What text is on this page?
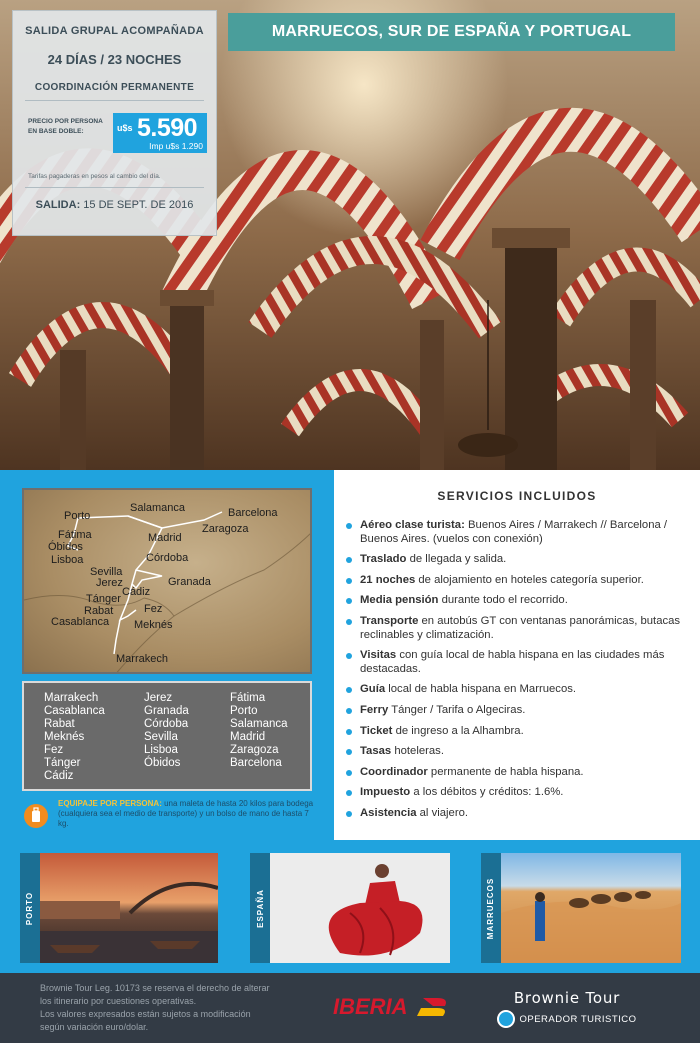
SALIDA GRUPAL ACOMPAÑADA
24 DÍAS / 23 NOCHES
COORDINACIÓN PERMANENTE
PRECIO POR PERSONA
EN BASE DOBLE:	u$s 5.590
Imp u$s 1.290
Tarifas pagaderas en pesos al cambio del día.
SALIDA: 15 DE SEPT. DE 2016
MARRUECOS, SUR DE ESPAÑA Y PORTUGAL
Porto
Salamanca	Barcelona
Fátima	Madrid
Zaragoza
Óbidos
Lisboa	Córdoba
Sevilla
Jerez	Granada
Cádiz
Tánger
Rabat	Fez
Casablanca Meknés
Marrakech
Marrakech
Casablanca
Rabat
Meknés
Fez
Tánger
Cádiz
Jerez
Granada
Córdoba
Sevilla
Lisboa
Óbidos
Fátima
Porto
Salamanca
Madrid
Zaragoza
Barcelona
EQUIPAJE POR PERSONA: una maleta de hasta 20 kilos para bodega (cualquiera sea el medio de transporte) y un bolso de mano de hasta 7 kg.
SERVICIOS INCLUIDOS
Aéreo clase turista: Buenos Aires / Marrakech // Barcelona / Buenos Aires. (vuelos con conexión)
Traslado de llegada y salida.
21 noches de alojamiento en hoteles categoría superior.
Media pensión durante todo el recorrido.
Transporte en autobús GT con ventanas panorámicas, butacas reclinables y climatización.
Visitas con guía local de habla hispana en las ciudades más destacadas.
Guía local de habla hispana en Marruecos.
Ferry Tánger / Tarifa o Algeciras.
Ticket de ingreso a la Alhambra.
Tasas hoteleras.
Coordinador permanente de habla hispana.
Impuesto a los débitos y créditos: 1.6%.
Asistencia al viajero.
PORTO	ESPAÑA	MARRUECOS
Brownie Tour Leg. 10173 se reserva el derecho de alterar
los itinerario por cuestiones operativas.
Los valores expresados están sujetos a modificación
según variación euro/dolar.
IBERIA	Brownie Tour
OPERADOR TURISTICO
